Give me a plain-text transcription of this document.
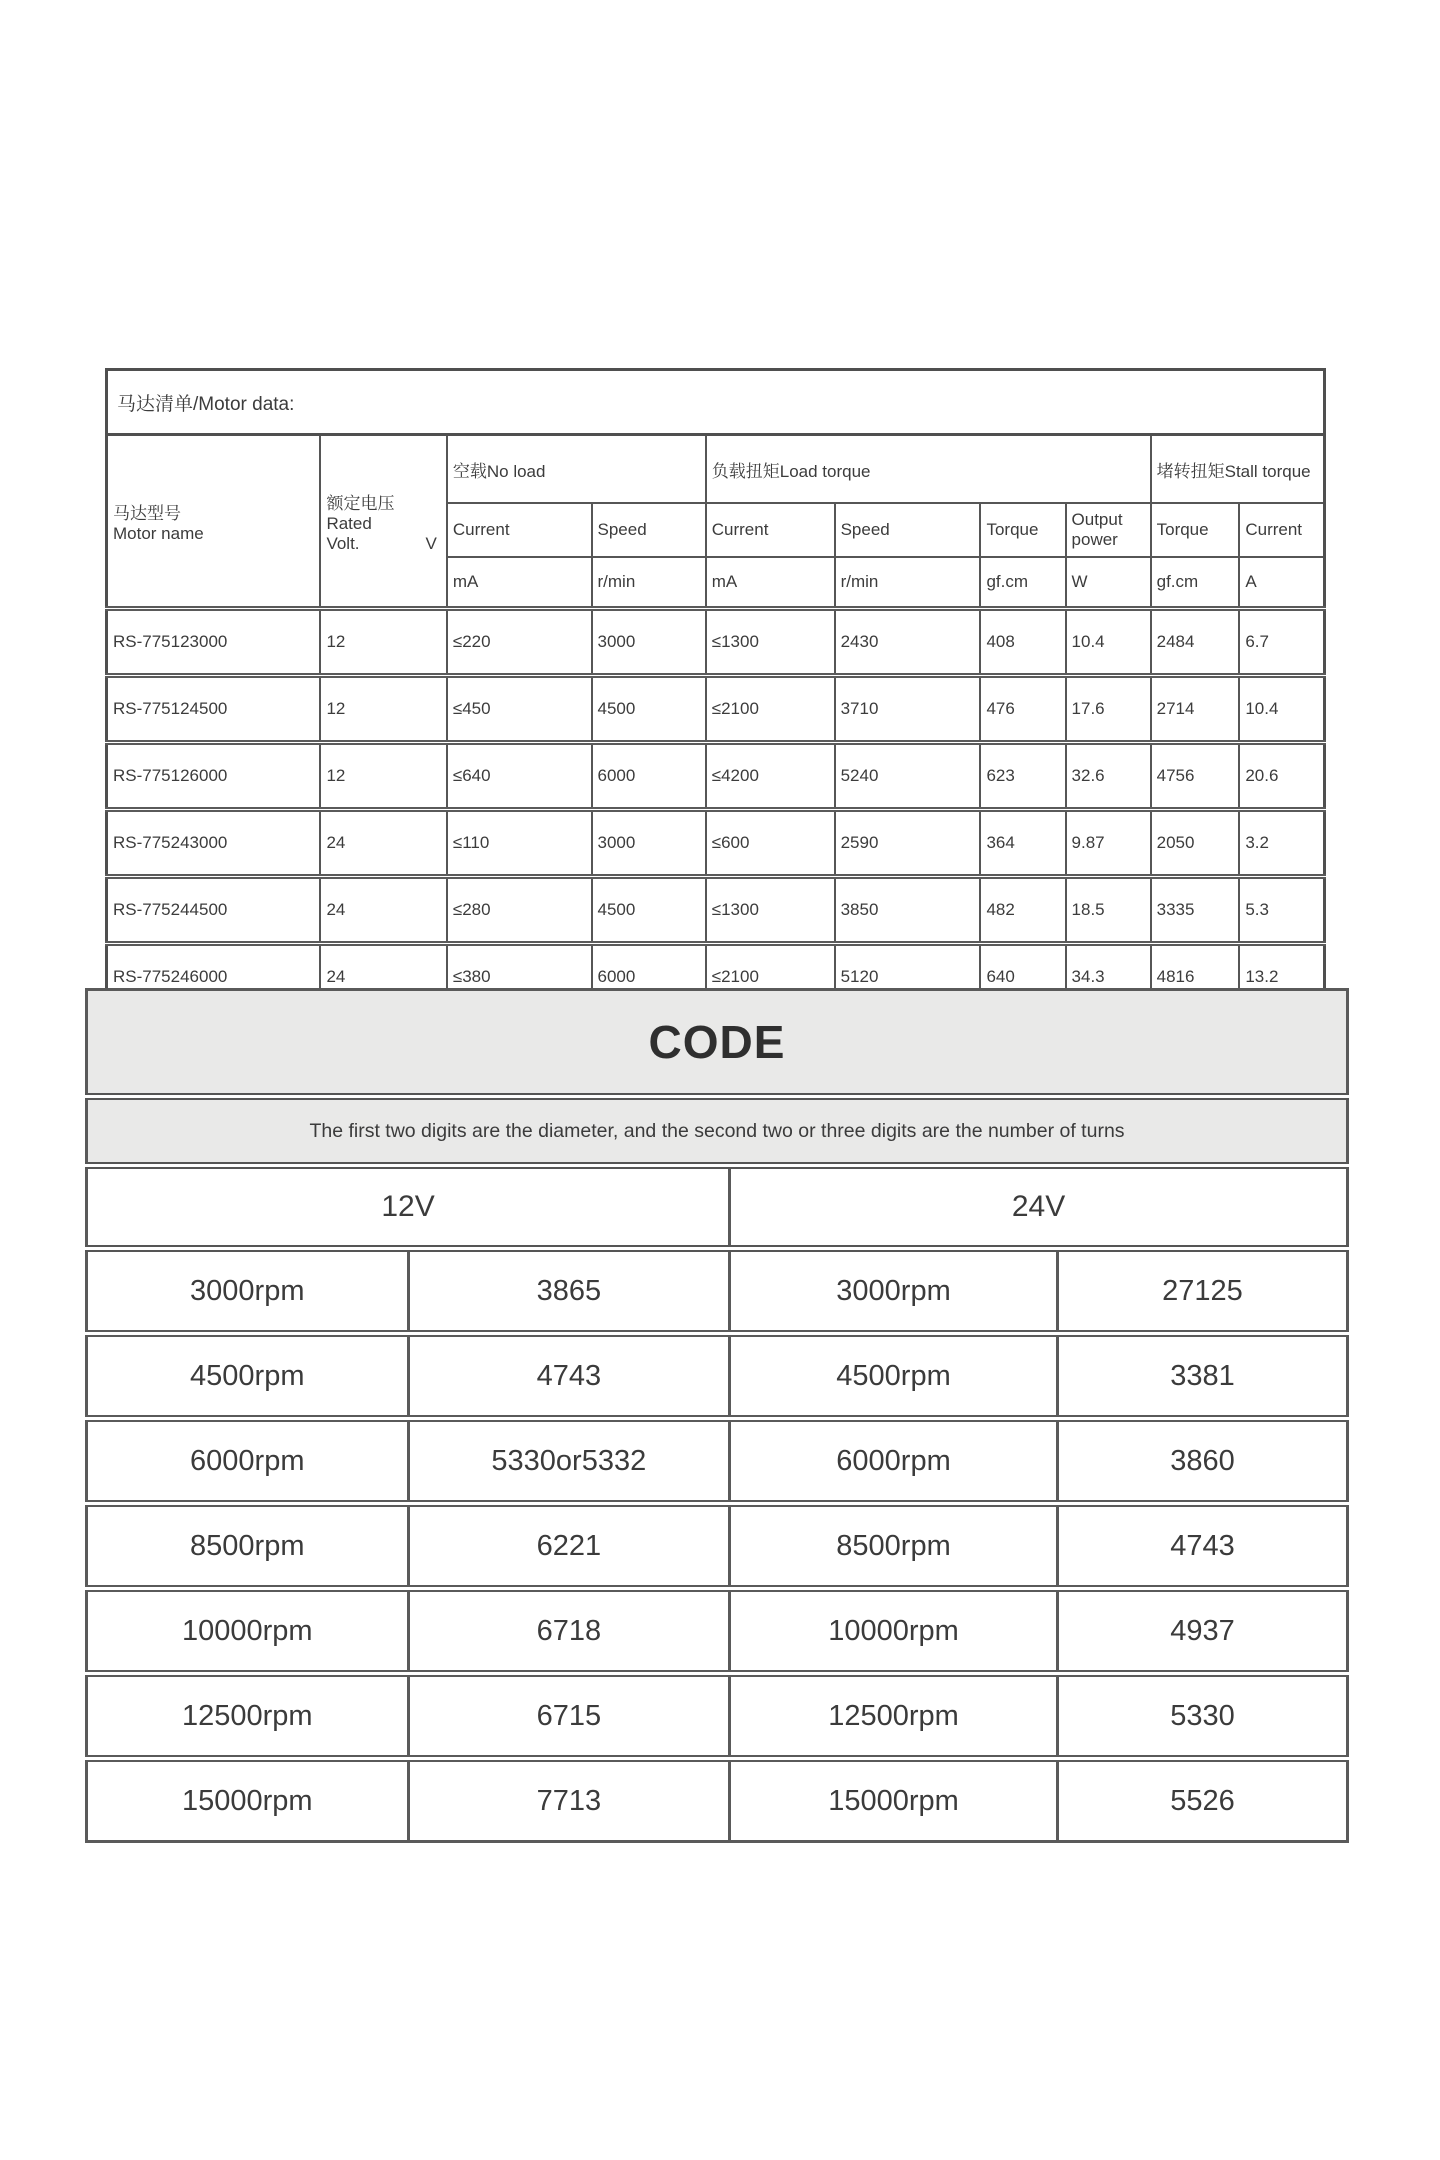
马达清单/Motor data:									

马达型号
Motor name

额定电压
Rated
Volt.	V
	空载No load	负载扭矩Load torque	堵转扭矩Stall torque
		Current	Speed	Current	Speed	Torque	Output power	Torque	Current
		mA	r/min	mA	r/min	gf.cm	W	gf.cm	A
RS-775123000	12	≤220	3000	≤1300	2430	408	10.4	2484	6.7
RS-775124500	12	≤450	4500	≤2100	3710	476	17.6	2714	10.4
RS-775126000	12	≤640	6000	≤4200	5240	623	32.6	4756	20.6
RS-775243000	24	≤110	3000	≤600	2590	364	9.87	2050	3.2
RS-775244500	24	≤280	4500	≤1300	3850	482	18.5	3335	5.3
RS-775246000	24	≤380	6000	≤2100	5120	640	34.3	4816	13.2
CODE			
The first two digits are the diameter, and the second two or three digits are the number of turns			
12V		24V	
3000rpm	3865	3000rpm	27125
4500rpm	4743	4500rpm	3381
6000rpm	5330or5332	6000rpm	3860
8500rpm	6221	8500rpm	4743
10000rpm	6718	10000rpm	4937
12500rpm	6715	12500rpm	5330
15000rpm	7713	15000rpm	5526
